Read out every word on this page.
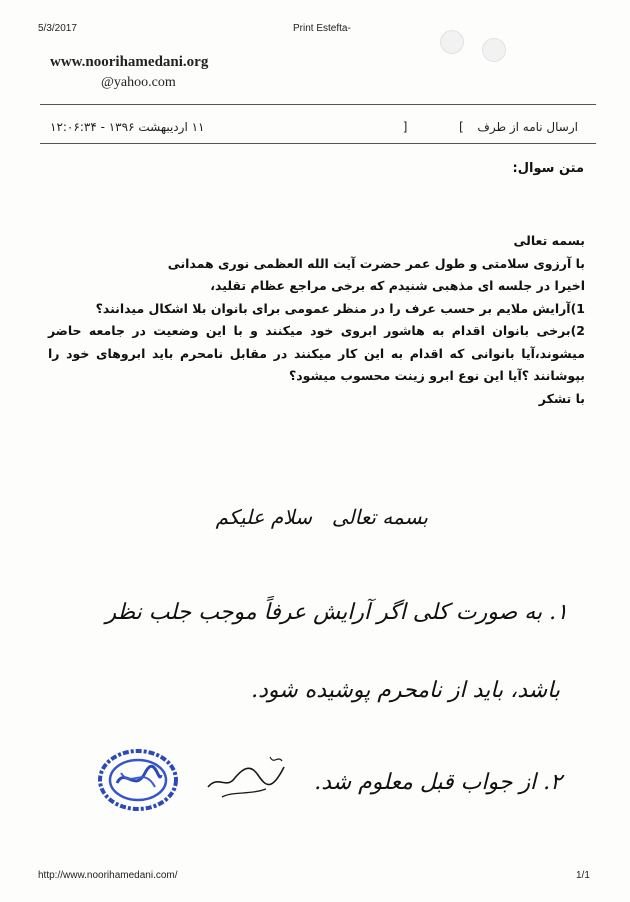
5/3/2017	Print Estefta-
www.noorihamedani.org
@yahoo.com
ارسال نامه از طرف  ]  [
۱۱ اردیبهشت ۱۳۹۶ - ۱۲:۰۶:۳۴
متن سوال:

بسمه تعالی

با آرزوی سلامتی و طول عمر حضرت آیت الله العظمی نوری همدانی

اخیرا در جلسه ای مذهبی شنیدم که برخی مراجع عظام تقلید،

1)آرایش ملایم بر حسب عرف را در منظر عمومی برای بانوان بلا اشکال میدانند؟

2)برخی بانوان اقدام به هاشور ابروی خود میکنند و با این وضعیت در جامعه حاضر میشوند،آیا بانوانی که اقدام به این کار میکنند در مقابل نامحرم باید ابروهای خود را بپوشانند ؟آیا این نوع ابرو زینت محسوب میشود؟

با تشکر

بسمه تعالی
سلام علیکم
۱. به صورت کلی اگر آرایش عرفاً موجب جلب نظر
باشد، باید از نامحرم پوشیده شود.
۲. از جواب قبل معلوم شد.
http://www.noorihamedani.com/	1/1
